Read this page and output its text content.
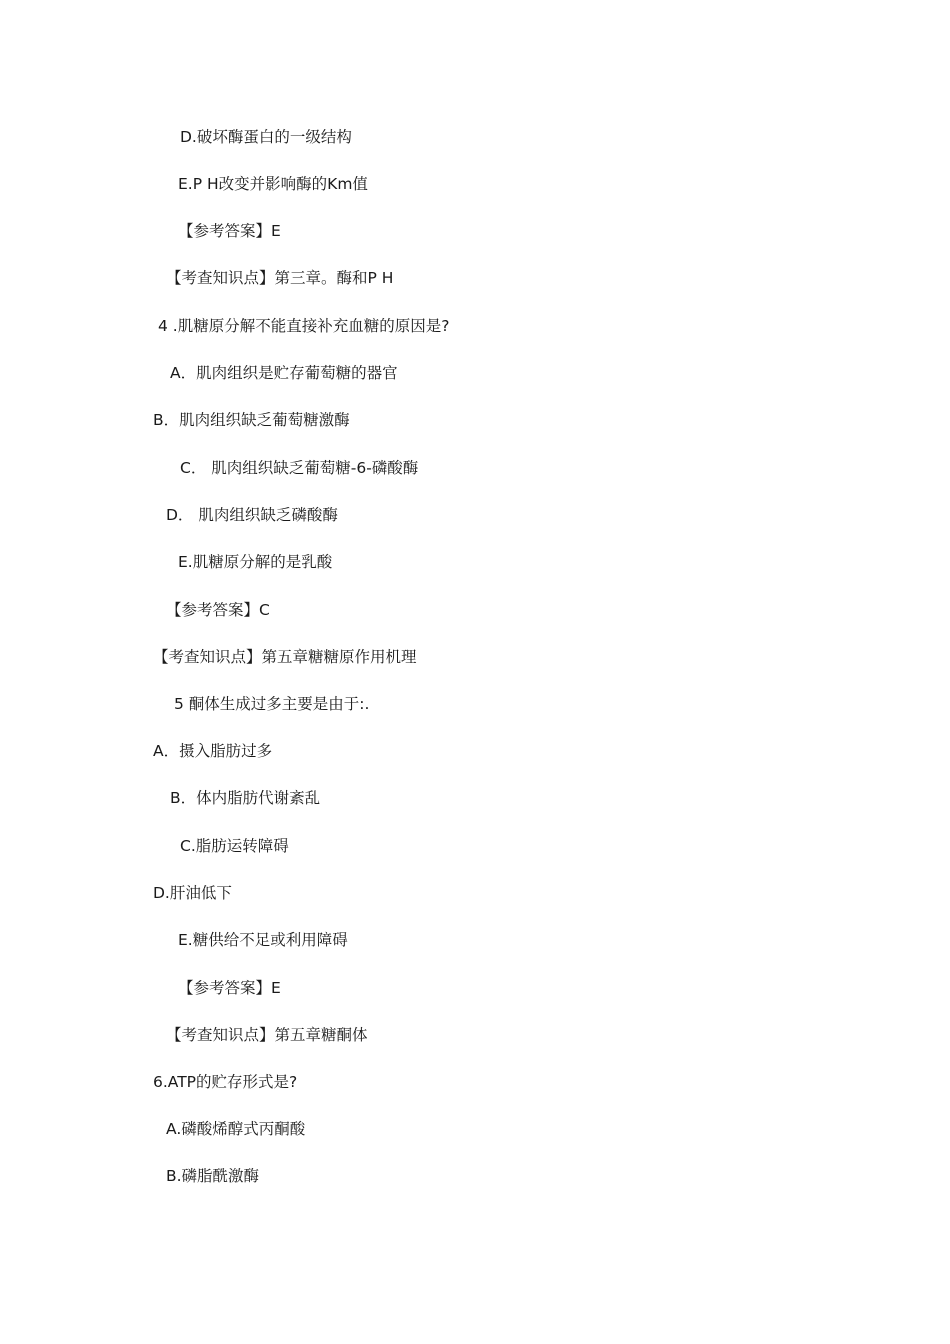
D.破坏酶蛋白的一级结构
E.P H改变并影响酶的Km值
【参考答案】E
【考查知识点】第三章。酶和P H
4 .肌糖原分解不能直接补充血糖的原因是?
A．肌肉组织是贮存葡萄糖的器官
B．肌肉组织缺乏葡萄糖激酶
C． 肌肉组织缺乏葡萄糖-6-磷酸酶
D． 肌肉组织缺乏磷酸酶
E.肌糖原分解的是乳酸
【参考答案】C
【考查知识点】第五章糖糖原作用机理
5 酮体生成过多主要是由于:.
A．摄入脂肪过多
B．体内脂肪代谢紊乱
C.脂肪运转障碍
D.肝油低下
E.糖供给不足或利用障碍
【参考答案】E
【考查知识点】第五章糖酮体
6.ATP的贮存形式是?
A.磷酸烯醇式丙酮酸
B.磷脂酰激酶
